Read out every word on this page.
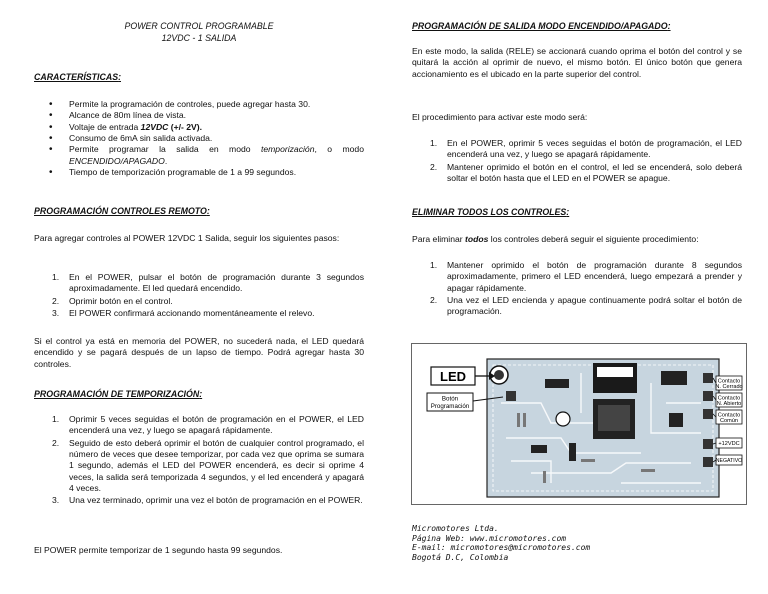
POWER CONTROL PROGRAMABLE
12VDC - 1 SALIDA
CARACTERÍSTICAS:
• Permite la programación de controles, puede agregar hasta 30.
• Alcance de 80m línea de vista.
• Voltaje de entrada 12VDC (+/- 2V).
• Consumo de 6mA sin salida activada.
• Permite programar la salida en modo temporización, o modo ENCENDIDO/APAGADO.
• Tiempo de temporización programable de 1 a 99 segundos.
PROGRAMACIÓN CONTROLES REMOTO:
Para agregar controles al POWER 12VDC 1 Salida, seguir los siguientes pasos:
1. En el POWER, pulsar el botón de programación durante 3 segundos aproximadamente. El led quedará encendido.
2. Oprimir botón en el control.
3. El POWER confirmará accionando momentáneamente el relevo.
Si el control ya está en memoria del POWER, no sucederá nada, el LED quedará encendido y se pagará después de un lapso de tiempo. Podrá agregar hasta 30 controles.
PROGRAMACIÓN DE TEMPORIZACIÓN:
1. Oprimir 5 veces seguidas el botón de programación en el POWER, el LED encenderá una vez, y luego se apagará rápidamente.
2. Seguido de esto deberá oprimir el botón de cualquier control programado, el número de veces que desee temporizar, por cada vez que oprima se sumara 1 segundo, además el LED del POWER encenderá, es decir si oprime 4 veces, la salida será temporizada 4 segundos, y el led encenderá y apagará 4 veces.
3. Una vez terminado, oprimir una vez el botón de programación en el POWER.
El POWER permite temporizar de 1 segundo hasta 99 segundos.
PROGRAMACIÓN DE SALIDA MODO ENCENDIDO/APAGADO:
En este modo, la salida (RELE) se accionará cuando oprima el botón del control y se quitará la acción al oprimir de nuevo, el mismo botón. El único botón que genera accionamiento es el ubicado en la parte superior del control.
El procedimiento para activar este modo será:
1. En el POWER, oprimir 5 veces seguidas el botón de programación, el LED encenderá una vez, y luego se apagará rápidamente.
2. Mantener oprimido el botón en el control, el led se encenderá, solo deberá soltar el botón hasta que el LED en el POWER se apague.
ELIMINAR TODOS LOS CONTROLES:
Para eliminar todos los controles deberá seguir el siguiente procedimiento:
1. Mantener oprimido el botón de programación durante 8 segundos aproximadamente, primero el LED encenderá, luego empezará a prender y apagar rápidamente.
2. Una vez el LED encienda y apague continuamente podrá soltar el botón de programación.
LED
Botón
Programación
Contacto
N. Cerrado
Contacto
N. Abierto
Contacto
Común
+12VDC
NEGATIVO
Micromotores Ltda.
Página Web: www.micromotores.com
E-mail: micromotores@micromotores.com
Bogotá D.C, Colombia
